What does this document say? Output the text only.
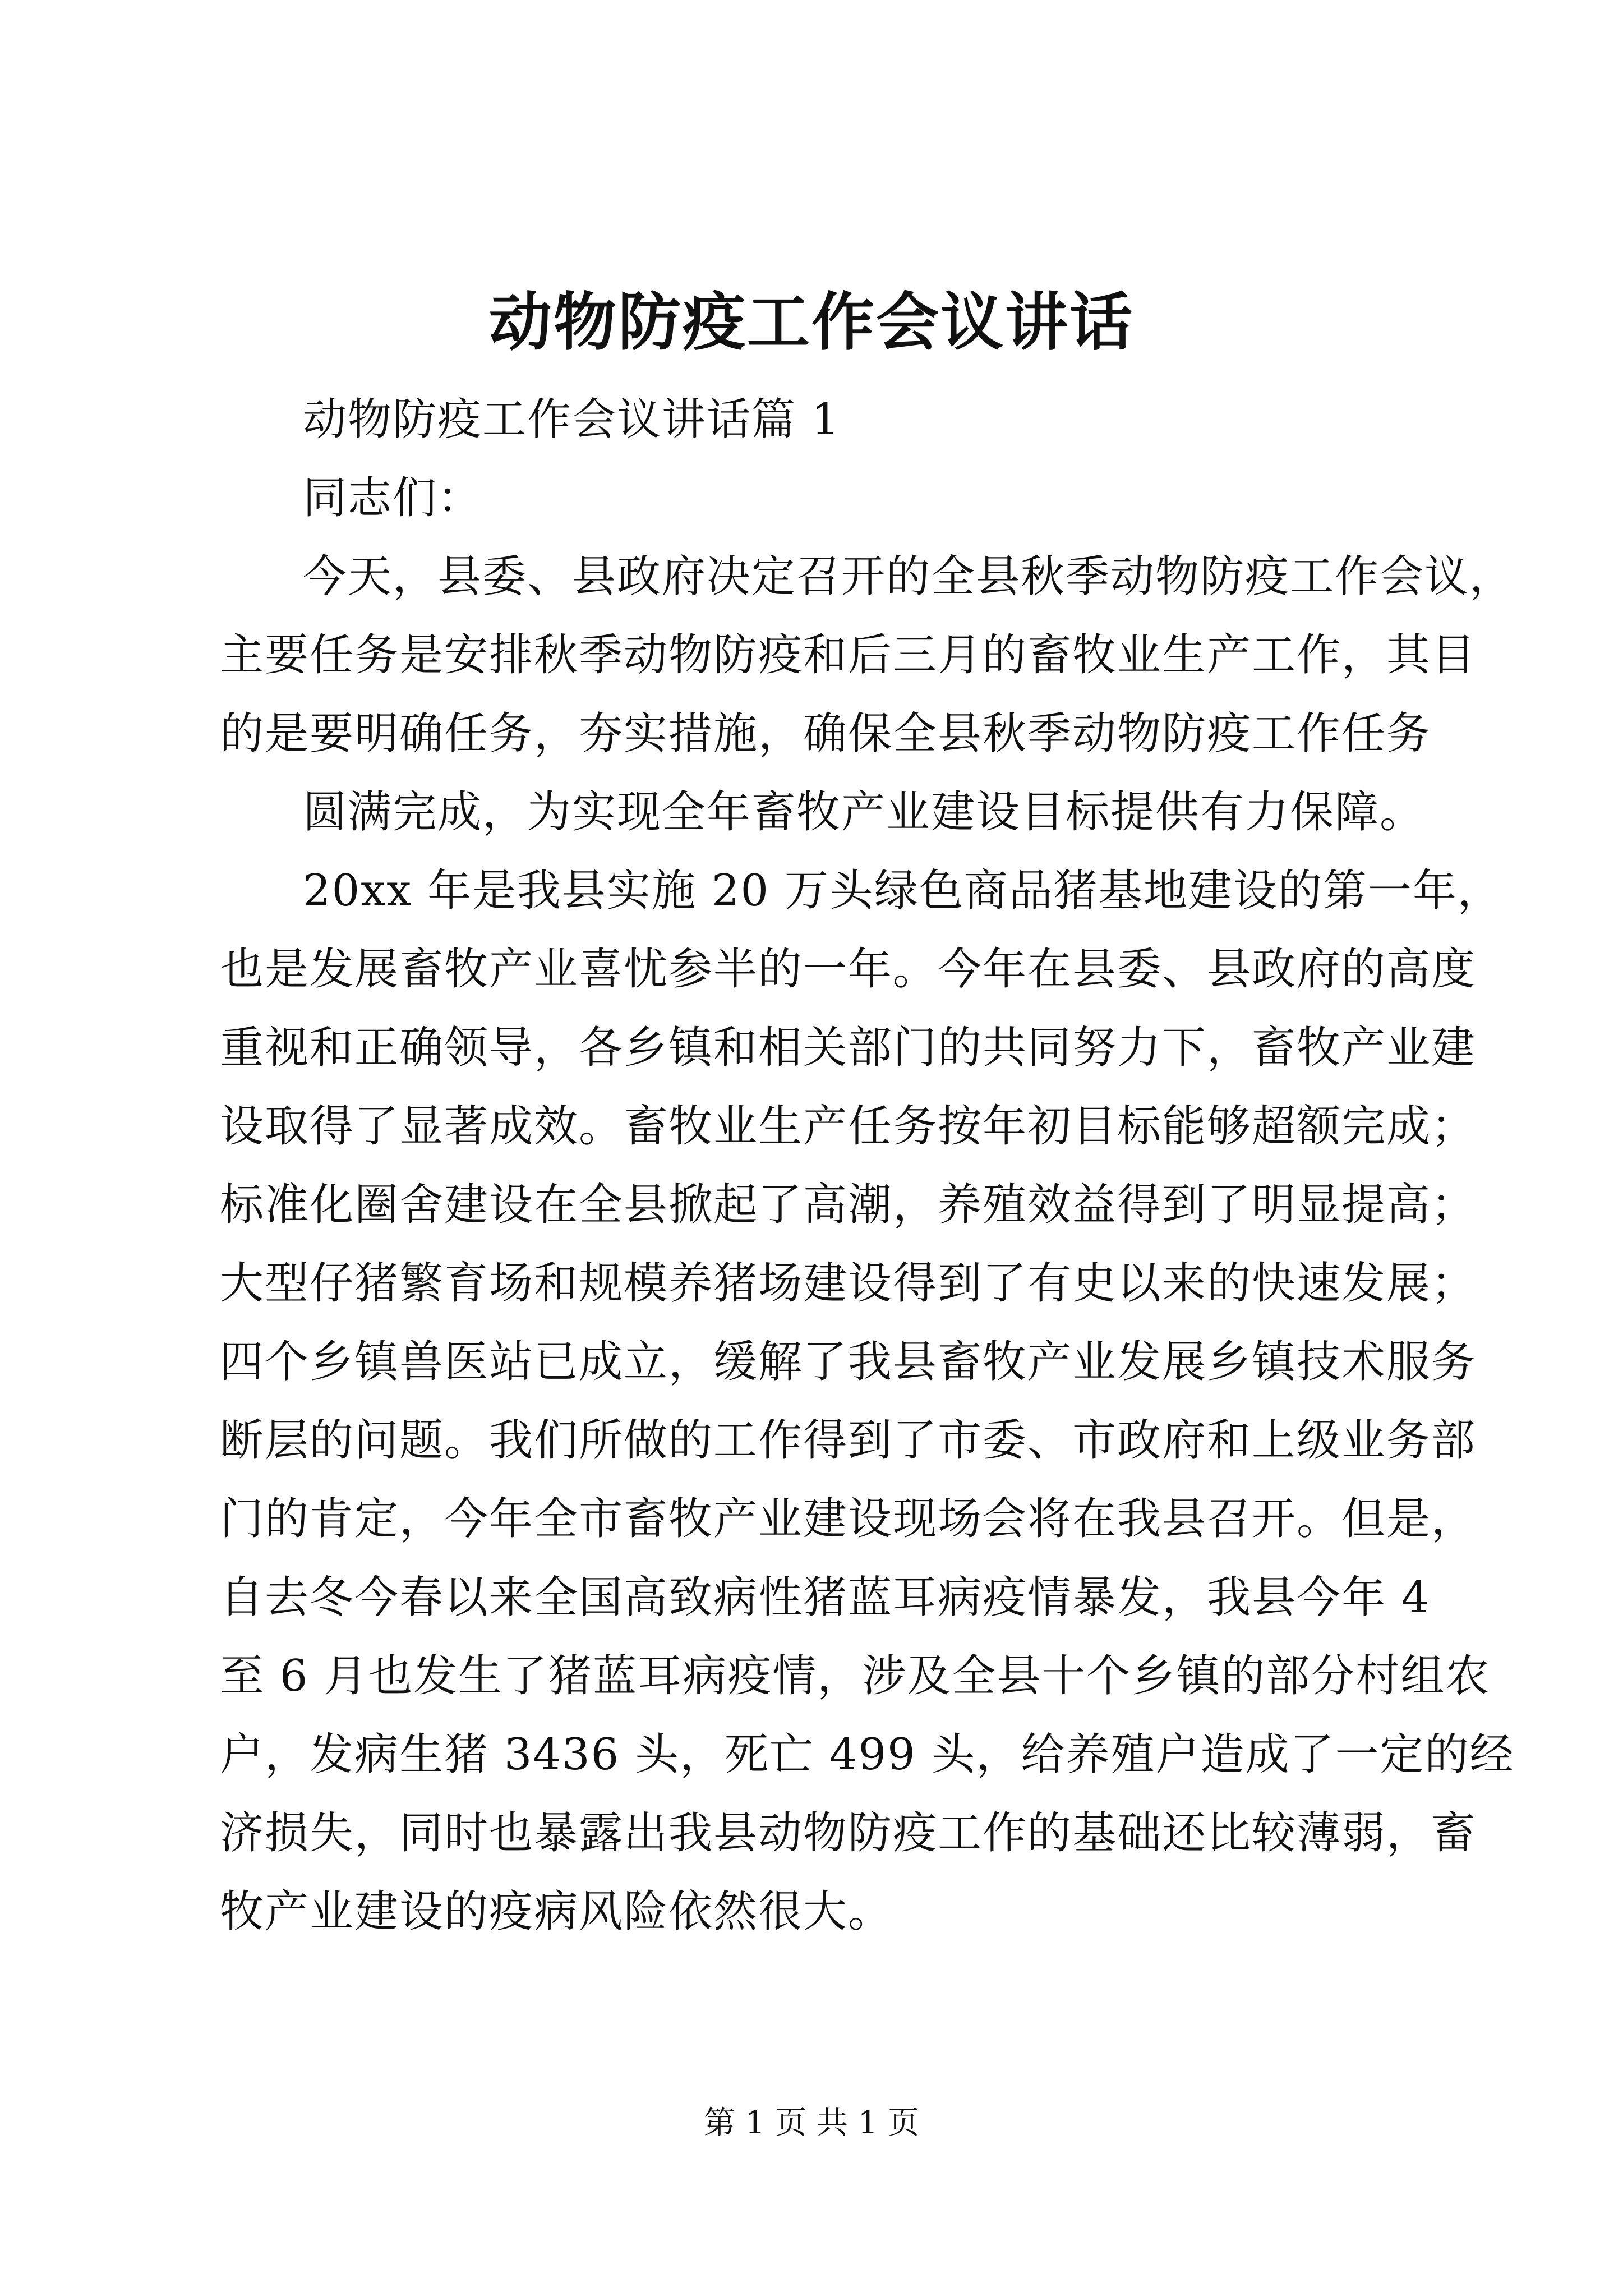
动物防疫工作会议讲话
动物防疫工作会议讲话篇 1
同志们：
今天，县委、县政府决定召开的全县秋季动物防疫工作会议，
主要任务是安排秋季动物防疫和后三月的畜牧业生产工作，其目
的是要明确任务，夯实措施，确保全县秋季动物防疫工作任务
圆满完成，为实现全年畜牧产业建设目标提供有力保障。
20xx 年是我县实施 20 万头绿色商品猪基地建设的第一年，
也是发展畜牧产业喜忧参半的一年。今年在县委、县政府的高度
重视和正确领导，各乡镇和相关部门的共同努力下，畜牧产业建
设取得了显著成效。畜牧业生产任务按年初目标能够超额完成；
标准化圈舍建设在全县掀起了高潮，养殖效益得到了明显提高；
大型仔猪繁育场和规模养猪场建设得到了有史以来的快速发展；
四个乡镇兽医站已成立，缓解了我县畜牧产业发展乡镇技术服务
断层的问题。我们所做的工作得到了市委、市政府和上级业务部
门的肯定，今年全市畜牧产业建设现场会将在我县召开。但是，
自去冬今春以来全国高致病性猪蓝耳病疫情暴发，我县今年 4
至 6 月也发生了猪蓝耳病疫情，涉及全县十个乡镇的部分村组农
户，发病生猪 3436 头，死亡 499 头，给养殖户造成了一定的经
济损失，同时也暴露出我县动物防疫工作的基础还比较薄弱，畜
牧产业建设的疫病风险依然很大。
第 1 页 共 1 页
